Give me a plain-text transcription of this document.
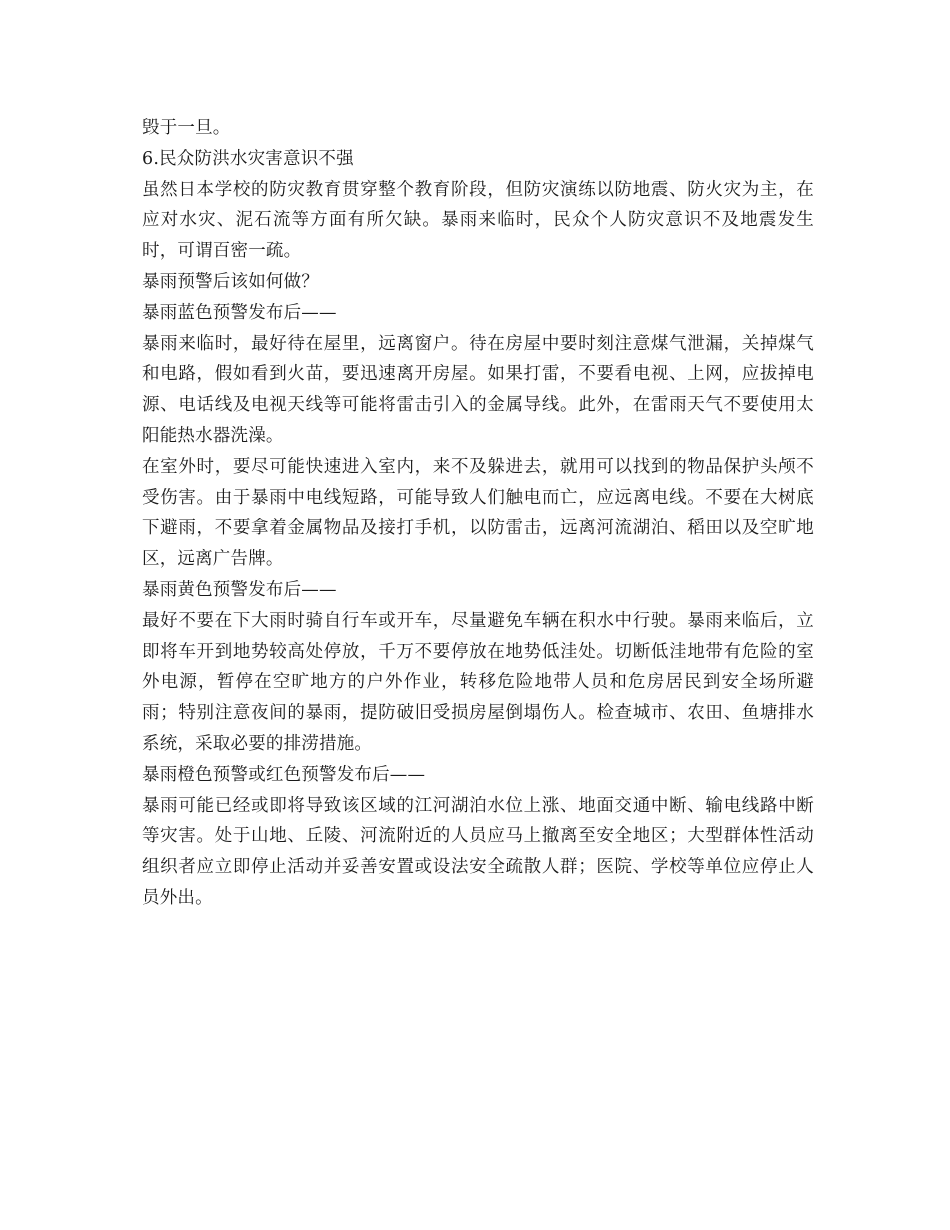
毁于一旦。

6.民众防洪水灾害意识不强

虽然日本学校的防灾教育贯穿整个教育阶段，但防灾演练以防地震、防火灾为主，在应对水灾、泥石流等方面有所欠缺。暴雨来临时，民众个人防灾意识不及地震发生时，可谓百密一疏。

暴雨预警后该如何做？

暴雨蓝色预警发布后——

暴雨来临时，最好待在屋里，远离窗户。待在房屋中要时刻注意煤气泄漏，关掉煤气和电路，假如看到火苗，要迅速离开房屋。如果打雷，不要看电视、上网，应拔掉电源、电话线及电视天线等可能将雷击引入的金属导线。此外，在雷雨天气不要使用太阳能热水器洗澡。

在室外时，要尽可能快速进入室内，来不及躲进去，就用可以找到的物品保护头颅不受伤害。由于暴雨中电线短路，可能导致人们触电而亡，应远离电线。不要在大树底下避雨，不要拿着金属物品及接打手机，以防雷击，远离河流湖泊、稻田以及空旷地区，远离广告牌。

暴雨黄色预警发布后——

最好不要在下大雨时骑自行车或开车，尽量避免车辆在积水中行驶。暴雨来临后，立即将车开到地势较高处停放，千万不要停放在地势低洼处。切断低洼地带有危险的室外电源，暂停在空旷地方的户外作业，转移危险地带人员和危房居民到安全场所避雨；特别注意夜间的暴雨，提防破旧受损房屋倒塌伤人。检查城市、农田、鱼塘排水系统，采取必要的排涝措施。

暴雨橙色预警或红色预警发布后——

暴雨可能已经或即将导致该区域的江河湖泊水位上涨、地面交通中断、输电线路中断等灾害。处于山地、丘陵、河流附近的人员应马上撤离至安全地区；大型群体性活动组织者应立即停止活动并妥善安置或设法安全疏散人群；医院、学校等单位应停止人员外出。
